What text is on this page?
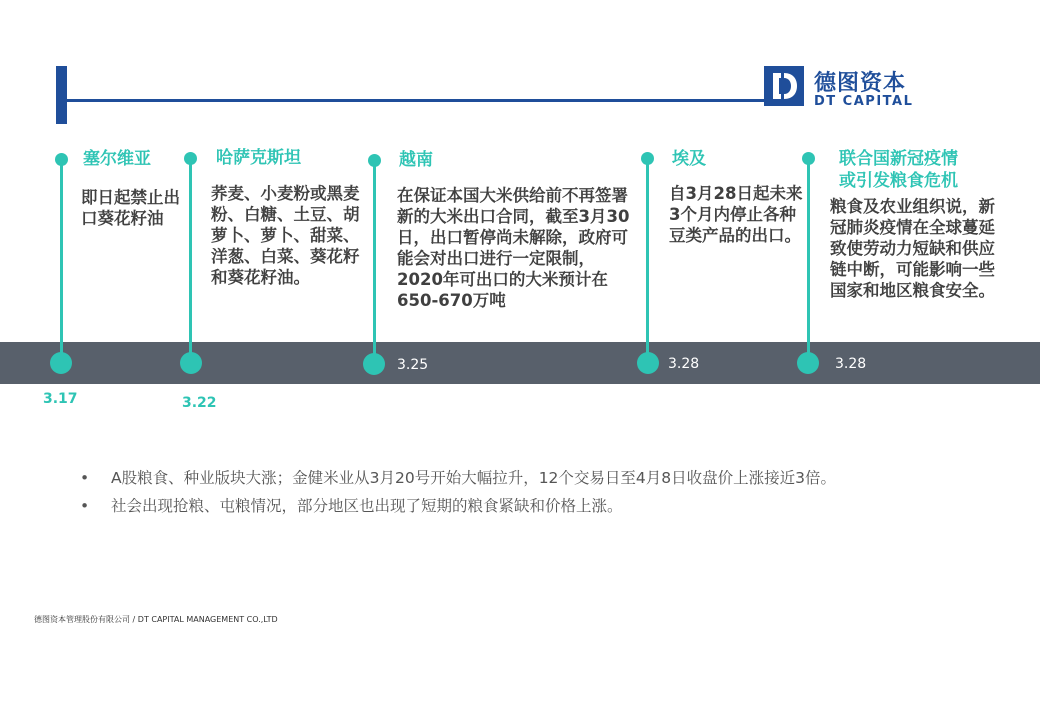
德图资本
DT CAPITAL
塞尔维亚
即日起禁止出口葵花籽油
3.17
哈萨克斯坦
荞麦、小麦粉或黑麦粉、白糖、土豆、胡萝卜、萝卜、甜菜、洋葱、白菜、葵花籽和葵花籽油。
3.22
越南
在保证本国大米供给前不再签署新的大米出口合同，截至3月30日，出口暂停尚未解除，政府可能会对出口进行一定限制，2020年可出口的大米预计在650-670万吨
3.25
埃及
自3月28日起未来3个月内停止各种豆类产品的出口。
3.28
联合国新冠疫情
或引发粮食危机
粮食及农业组织说，新冠肺炎疫情在全球蔓延致使劳动力短缺和供应链中断，可能影响一些国家和地区粮食安全。
3.28
• A股粮食、种业版块大涨；金健米业从3月20号开始大幅拉升，12个交易日至4月8日收盘价上涨接近3倍。
• 社会出现抢粮、屯粮情况，部分地区也出现了短期的粮食紧缺和价格上涨。
德图资本管理股份有限公司 / DT CAPITAL MANAGEMENT CO.,LTD
